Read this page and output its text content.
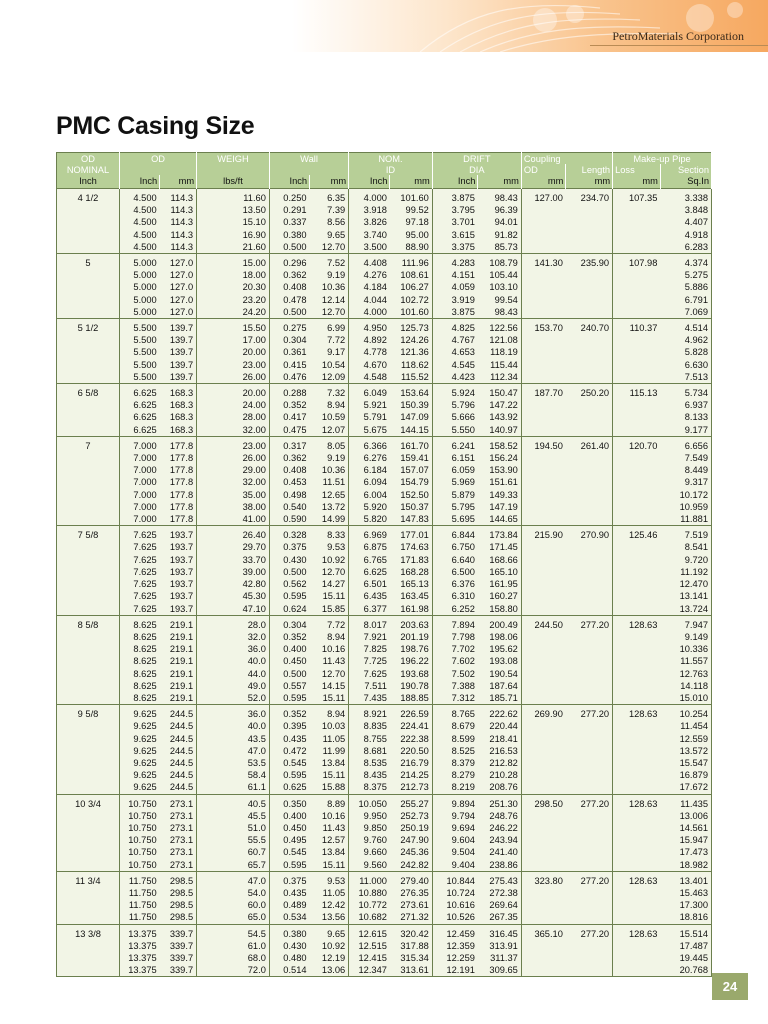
PetroMaterials Corporation
PMC Casing Size
OD	OD		WEIGH	Wall		NOM.		DRIFT		Coupling		Make-up Pipe	
NOMINAL						ID		DIA		OD	Length	Loss	Section
Inch	Inch	mm	lbs/ft	Inch	mm	Inch	mm	Inch	mm	mm	mm	mm	Sq.In
4 1/2	4.500	114.3	11.60	0.250	6.35	4.000	101.60	3.875	98.43	127.00	234.70	107.35	3.338
	4.500	114.3	13.50	0.291	7.39	3.918	99.52	3.795	96.39				3.848
	4.500	114.3	15.10	0.337	8.56	3.826	97.18	3.701	94.01				4.407
	4.500	114.3	16.90	0.380	9.65	3.740	95.00	3.615	91.82				4.918
	4.500	114.3	21.60	0.500	12.70	3.500	88.90	3.375	85.73				6.283
5	5.000	127.0	15.00	0.296	7.52	4.408	111.96	4.283	108.79	141.30	235.90	107.98	4.374
	5.000	127.0	18.00	0.362	9.19	4.276	108.61	4.151	105.44				5.275
	5.000	127.0	20.30	0.408	10.36	4.184	106.27	4.059	103.10				5.886
	5.000	127.0	23.20	0.478	12.14	4.044	102.72	3.919	99.54				6.791
	5.000	127.0	24.20	0.500	12.70	4.000	101.60	3.875	98.43				7.069
5 1/2	5.500	139.7	15.50	0.275	6.99	4.950	125.73	4.825	122.56	153.70	240.70	110.37	4.514
	5.500	139.7	17.00	0.304	7.72	4.892	124.26	4.767	121.08				4.962
	5.500	139.7	20.00	0.361	9.17	4.778	121.36	4.653	118.19				5.828
	5.500	139.7	23.00	0.415	10.54	4.670	118.62	4.545	115.44				6.630
	5.500	139.7	26.00	0.476	12.09	4.548	115.52	4.423	112.34				7.513
6 5/8	6.625	168.3	20.00	0.288	7.32	6.049	153.64	5.924	150.47	187.70	250.20	115.13	5.734
	6.625	168.3	24.00	0.352	8.94	5.921	150.39	5.796	147.22				6.937
	6.625	168.3	28.00	0.417	10.59	5.791	147.09	5.666	143.92				8.133
	6.625	168.3	32.00	0.475	12.07	5.675	144.15	5.550	140.97				9.177
7	7.000	177.8	23.00	0.317	8.05	6.366	161.70	6.241	158.52	194.50	261.40	120.70	6.656
	7.000	177.8	26.00	0.362	9.19	6.276	159.41	6.151	156.24				7.549
	7.000	177.8	29.00	0.408	10.36	6.184	157.07	6.059	153.90				8.449
	7.000	177.8	32.00	0.453	11.51	6.094	154.79	5.969	151.61				9.317
	7.000	177.8	35.00	0.498	12.65	6.004	152.50	5.879	149.33				10.172
	7.000	177.8	38.00	0.540	13.72	5.920	150.37	5.795	147.19				10.959
	7.000	177.8	41.00	0.590	14.99	5.820	147.83	5.695	144.65				11.881
7 5/8	7.625	193.7	26.40	0.328	8.33	6.969	177.01	6.844	173.84	215.90	270.90	125.46	7.519
	7.625	193.7	29.70	0.375	9.53	6.875	174.63	6.750	171.45				8.541
	7.625	193.7	33.70	0.430	10.92	6.765	171.83	6.640	168.66				9.720
	7.625	193.7	39.00	0.500	12.70	6.625	168.28	6.500	165.10				11.192
	7.625	193.7	42.80	0.562	14.27	6.501	165.13	6.376	161.95				12.470
	7.625	193.7	45.30	0.595	15.11	6.435	163.45	6.310	160.27				13.141
	7.625	193.7	47.10	0.624	15.85	6.377	161.98	6.252	158.80				13.724
8 5/8	8.625	219.1	28.0	0.304	7.72	8.017	203.63	7.894	200.49	244.50	277.20	128.63	7.947
	8.625	219.1	32.0	0.352	8.94	7.921	201.19	7.798	198.06				9.149
	8.625	219.1	36.0	0.400	10.16	7.825	198.76	7.702	195.62				10.336
	8.625	219.1	40.0	0.450	11.43	7.725	196.22	7.602	193.08				11.557
	8.625	219.1	44.0	0.500	12.70	7.625	193.68	7.502	190.54				12.763
	8.625	219.1	49.0	0.557	14.15	7.511	190.78	7.388	187.64				14.118
	8.625	219.1	52.0	0.595	15.11	7.435	188.85	7.312	185.71				15.010
9 5/8	9.625	244.5	36.0	0.352	8.94	8.921	226.59	8.765	222.62	269.90	277.20	128.63	10.254
	9.625	244.5	40.0	0.395	10.03	8.835	224.41	8.679	220.44				11.454
	9.625	244.5	43.5	0.435	11.05	8.755	222.38	8.599	218.41				12.559
	9.625	244.5	47.0	0.472	11.99	8.681	220.50	8.525	216.53				13.572
	9.625	244.5	53.5	0.545	13.84	8.535	216.79	8.379	212.82				15.547
	9.625	244.5	58.4	0.595	15.11	8.435	214.25	8.279	210.28				16.879
	9.625	244.5	61.1	0.625	15.88	8.375	212.73	8.219	208.76				17.672
10 3/4	10.750	273.1	40.5	0.350	8.89	10.050	255.27	9.894	251.30	298.50	277.20	128.63	11.435
	10.750	273.1	45.5	0.400	10.16	9.950	252.73	9.794	248.76				13.006
	10.750	273.1	51.0	0.450	11.43	9.850	250.19	9.694	246.22				14.561
	10.750	273.1	55.5	0.495	12.57	9.760	247.90	9.604	243.94				15.947
	10.750	273.1	60.7	0.545	13.84	9.660	245.36	9.504	241.40				17.473
	10.750	273.1	65.7	0.595	15.11	9.560	242.82	9.404	238.86				18.982
11 3/4	11.750	298.5	47.0	0.375	9.53	11.000	279.40	10.844	275.43	323.80	277.20	128.63	13.401
	11.750	298.5	54.0	0.435	11.05	10.880	276.35	10.724	272.38				15.463
	11.750	298.5	60.0	0.489	12.42	10.772	273.61	10.616	269.64				17.300
	11.750	298.5	65.0	0.534	13.56	10.682	271.32	10.526	267.35				18.816
13 3/8	13.375	339.7	54.5	0.380	9.65	12.615	320.42	12.459	316.45	365.10	277.20	128.63	15.514
	13.375	339.7	61.0	0.430	10.92	12.515	317.88	12.359	313.91				17.487
	13.375	339.7	68.0	0.480	12.19	12.415	315.34	12.259	311.37				19.445
	13.375	339.7	72.0	0.514	13.06	12.347	313.61	12.191	309.65				20.768
24
